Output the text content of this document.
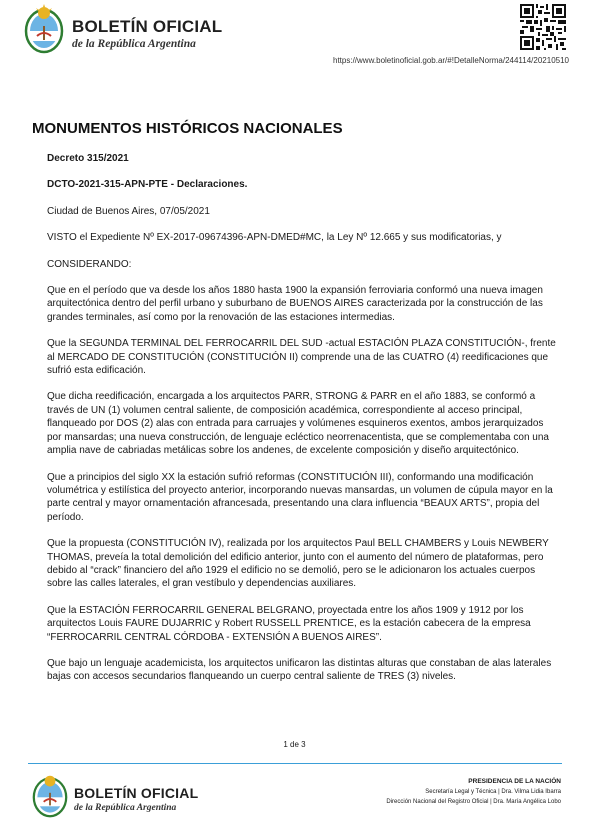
BOLETÍN OFICIAL
de la República Argentina
https://www.boletinoficial.gob.ar/#!DetalleNorma/244114/20210510
MONUMENTOS HISTÓRICOS NACIONALES

Decreto 315/2021

DCTO-2021-315-APN-PTE - Declaraciones.

Ciudad de Buenos Aires, 07/05/2021

VISTO el Expediente Nº EX-2017-09674396-APN-DMED#MC, la Ley Nº 12.665 y sus modificatorias, y

CONSIDERANDO:

Que en el período que va desde los años 1880 hasta 1900 la expansión ferroviaria conformó una nueva imagen arquitectónica dentro del perfil urbano y suburbano de BUENOS AIRES caracterizada por la construcción de las grandes terminales, así como por la renovación de las estaciones intermedias.

Que la SEGUNDA TERMINAL DEL FERROCARRIL DEL SUD -actual ESTACIÓN PLAZA CONSTITUCIÓN-, frente al MERCADO DE CONSTITUCIÓN (CONSTITUCIÓN II) comprende una de las CUATRO (4) reedificaciones que sufrió esta edificación.

Que dicha reedificación, encargada a los arquitectos PARR, STRONG & PARR en el año 1883, se conformó a través de UN (1) volumen central saliente, de composición académica, correspondiente al acceso principal, flanqueado por DOS (2) alas con entrada para carruajes y volúmenes esquineros exentos, ambos jerarquizados por mansardas; una nueva construcción, de lenguaje ecléctico neorrenacentista, que se complementaba con una amplia nave de cabriadas metálicas sobre los andenes, de excelente composición y diseño arquitectónico.

Que a principios del siglo XX la estación sufrió reformas (CONSTITUCIÓN III), conformando una modificación volumétrica y estilística del proyecto anterior, incorporando nuevas mansardas, un volumen de cúpula mayor en la parte central y mayor ornamentación afrancesada, presentando una clara influencia “BEAUX ARTS”, propia del período.

Que la propuesta (CONSTITUCIÓN IV), realizada por los arquitectos Paul BELL CHAMBERS y Louis NEWBERY THOMAS, preveía la total demolición del edificio anterior, junto con el aumento del número de plataformas, pero debido al “crack” financiero del año 1929 el edificio no se demolió, pero se le adicionaron los actuales cuerpos sobre las calles laterales, el gran vestíbulo y dependencias auxiliares.

Que la ESTACIÓN FERROCARRIL GENERAL BELGRANO, proyectada entre los años 1909 y 1912 por los arquitectos Louis FAURE DUJARRIC y Robert RUSSELL PRENTICE, es la estación cabecera de la empresa “FERROCARRIL CENTRAL CÓRDOBA - EXTENSIÓN A BUENOS AIRES”.

Que bajo un lenguaje academicista, los arquitectos unificaron las distintas alturas que constaban de alas laterales bajas con accesos secundarios flanqueando un cuerpo central saliente de TRES (3) niveles.

1 de 3
BOLETÍN OFICIAL
de la República Argentina
PRESIDENCIA DE LA NACIÓN
Secretaría Legal y Técnica | Dra. Vilma Lidia Ibarra
Dirección Nacional del Registro Oficial | Dra. María Angélica Lobo
